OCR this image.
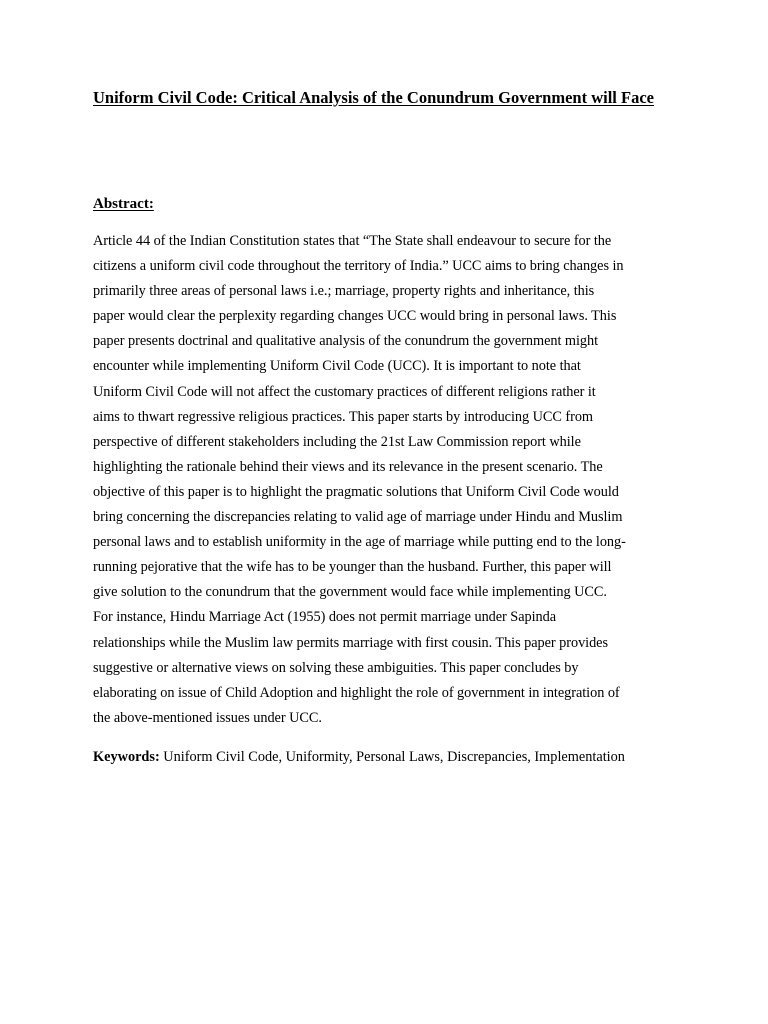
Uniform Civil Code: Critical Analysis of the Conundrum Government will Face
Abstract:

Article 44 of the Indian Constitution states that “The State shall endeavour to secure for the
citizens a uniform civil code throughout the territory of India.” UCC aims to bring changes in
primarily three areas of personal laws i.e.; marriage, property rights and inheritance, this
paper would clear the perplexity regarding changes UCC would bring in personal laws. This
paper presents doctrinal and qualitative analysis of the conundrum the government might
encounter while implementing Uniform Civil Code (UCC). It is important to note that
Uniform Civil Code will not affect the customary practices of different religions rather it
aims to thwart regressive religious practices. This paper starts by introducing UCC from
perspective of different stakeholders including the 21st Law Commission report while
highlighting the rationale behind their views and its relevance in the present scenario. The
objective of this paper is to highlight the pragmatic solutions that Uniform Civil Code would
bring concerning the discrepancies relating to valid age of marriage under Hindu and Muslim
personal laws and to establish uniformity in the age of marriage while putting end to the long-
running pejorative that the wife has to be younger than the husband. Further, this paper will
give solution to the conundrum that the government would face while implementing UCC.
For instance, Hindu Marriage Act (1955) does not permit marriage under Sapinda
relationships while the Muslim law permits marriage with first cousin. This paper provides
suggestive or alternative views on solving these ambiguities. This paper concludes by
elaborating on issue of Child Adoption and highlight the role of government in integration of
the above-mentioned issues under UCC.

Keywords: Uniform Civil Code, Uniformity, Personal Laws, Discrepancies, Implementation
